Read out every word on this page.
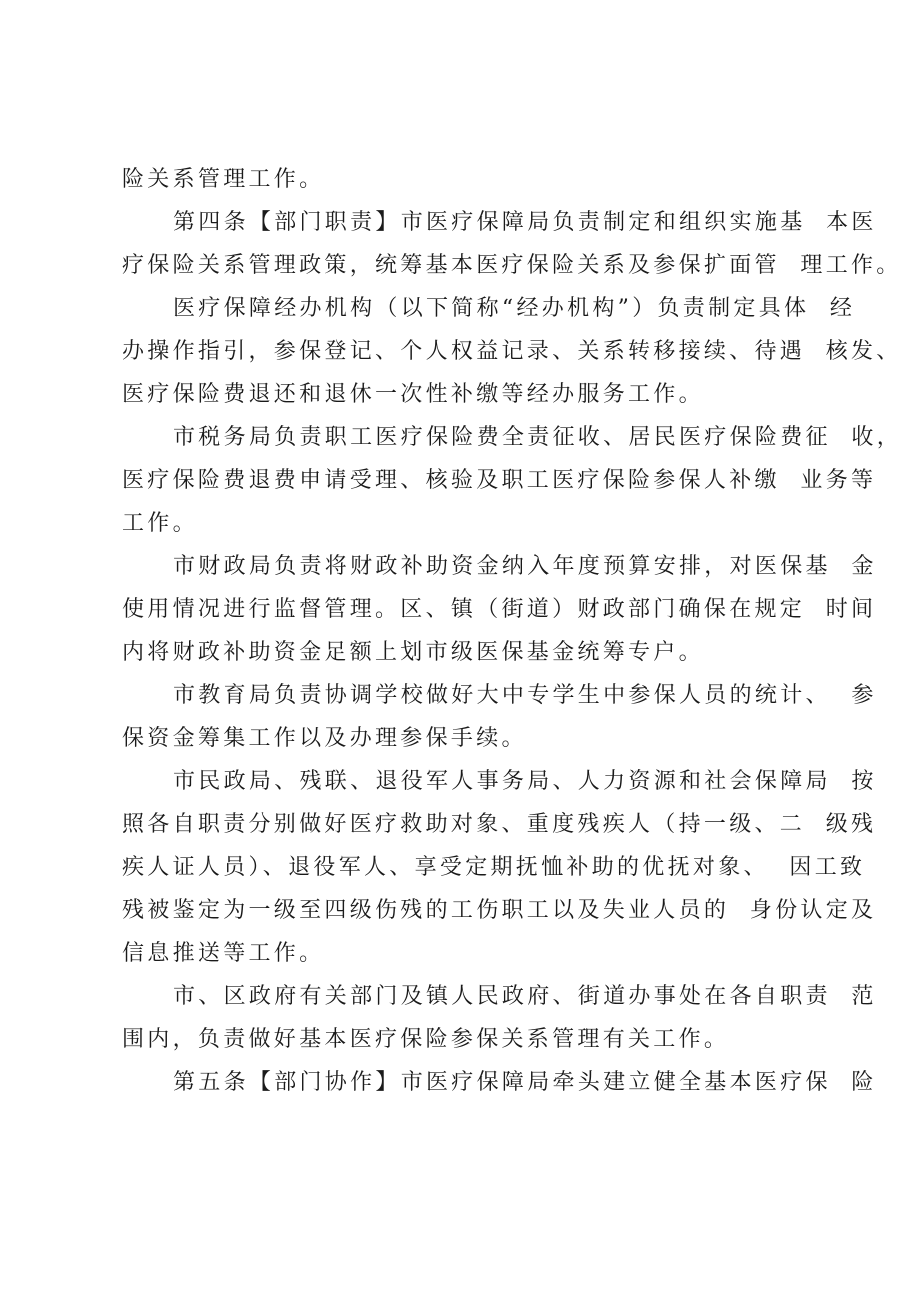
险关系管理工作。
第四条【部门职责】市医疗保障局负责制定和组织实施基  本医
疗保险关系管理政策，统筹基本医疗保险关系及参保扩面管  理工作。
医疗保障经办机构（以下简称“经办机构”）负责制定具体  经
办操作指引，参保登记、个人权益记录、关系转移接续、待遇  核发、
医疗保险费退还和退休一次性补缴等经办服务工作。
市税务局负责职工医疗保险费全责征收、居民医疗保险费征  收，
医疗保险费退费申请受理、核验及职工医疗保险参保人补缴  业务等
工作。
市财政局负责将财政补助资金纳入年度预算安排，对医保基  金
使用情况进行监督管理。区、镇（街道）财政部门确保在规定  时间
内将财政补助资金足额上划市级医保基金统筹专户。
市教育局负责协调学校做好大中专学生中参保人员的统计、  参
保资金筹集工作以及办理参保手续。
市民政局、残联、退役军人事务局、人力资源和社会保障局  按
照各自职责分别做好医疗救助对象、重度残疾人（持一级、二  级残
疾人证人员）、退役军人、享受定期抚恤补助的优抚对象、  因工致
残被鉴定为一级至四级伤残的工伤职工以及失业人员的  身份认定及
信息推送等工作。
市、区政府有关部门及镇人民政府、街道办事处在各自职责  范
围内，负责做好基本医疗保险参保关系管理有关工作。
第五条【部门协作】市医疗保障局牵头建立健全基本医疗保  险
